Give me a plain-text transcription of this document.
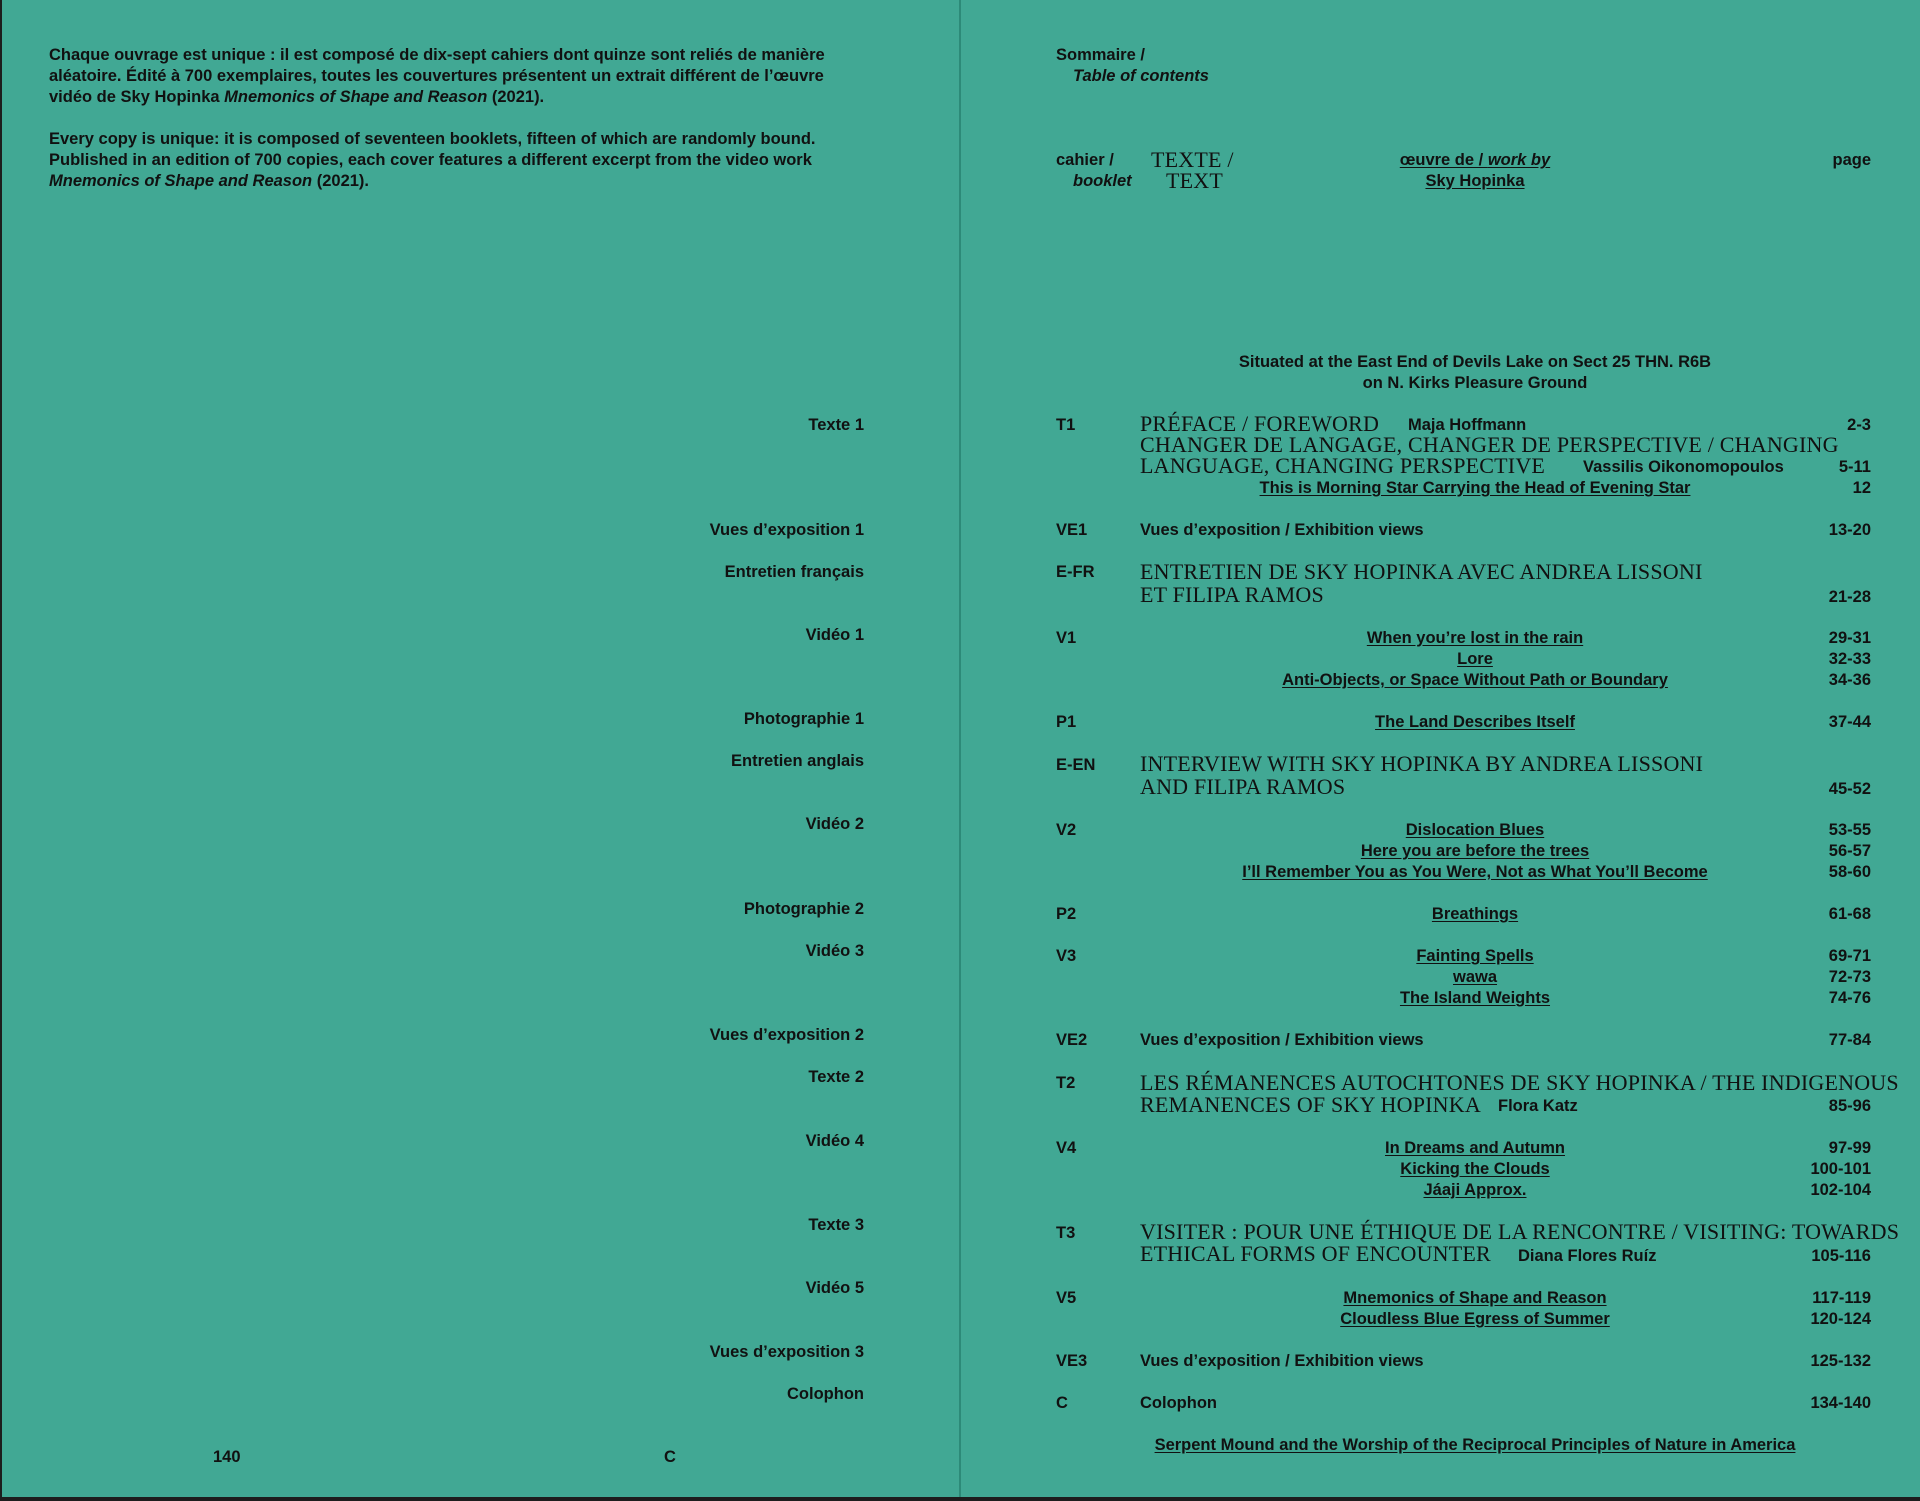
Chaque ouvrage est unique : il est composé de dix-sept cahiers dont quinze sont reliés de manière
aléatoire. Édité à 700 exemplaires, toutes les couvertures présentent un extrait différent de l’œuvre
vidéo de Sky Hopinka Mnemonics of Shape and Reason (2021).

Every copy is unique: it is composed of seventeen booklets, fifteen of which are randomly bound.
Published in an edition of 700 copies, each cover features a different excerpt from the video work
Mnemonics of Shape and Reason (2021).

Texte 1
Vues d’exposition 1
Entretien français
Vidéo 1
Photographie 1
Entretien anglais
Vidéo 2
Photographie 2
Vidéo 3
Vues d’exposition 2
Texte 2
Vidéo 4
Texte 3
Vidéo 5
Vues d’exposition 3
Colophon
140	C
Sommaire /
Table of contents
cahier /
booklet
TEXTE /
TEXT
œuvre de / work by
Sky Hopinka
page
Situated at the East End of Devils Lake on Sect 25 THN. R6B
on N. Kirks Pleasure Ground
T1	PRÉFACE / FOREWORD Maja Hoffmann	2-3
CHANGER DE LANGAGE, CHANGER DE PERSPECTIVE / CHANGING
LANGUAGE, CHANGING PERSPECTIVE Vassilis Oikonomopoulos	5-11
This is Morning Star Carrying the Head of Evening Star	12
VE1	Vues d’exposition / Exhibition views	13-20
E-FR ENTRETIEN DE SKY HOPINKA AVEC ANDREA LISSONI
ET FILIPA RAMOS	21-28
V1	When you’re lost in the rain	29-31
Lore	32-33
Anti-Objects, or Space Without Path or Boundary	34-36
P1	The Land Describes Itself	37-44
E-EN INTERVIEW WITH SKY HOPINKA BY ANDREA LISSONI
AND FILIPA RAMOS	45-52
V2	Dislocation Blues	53-55
Here you are before the trees	56-57
I’ll Remember You as You Were, Not as What You’ll Become	58-60
P2	Breathings	61-68
V3	Fainting Spells	69-71
wawa	72-73
The Island Weights	74-76
VE2	Vues d’exposition / Exhibition views	77-84
T2	LES RÉMANENCES AUTOCHTONES DE SKY HOPINKA / THE INDIGENOUS
REMANENCES OF SKY HOPINKA Flora Katz	85-96
V4	In Dreams and Autumn	97-99
Kicking the Clouds	100-101
Jáaji Approx.	102-104
T3	VISITER : POUR UNE ÉTHIQUE DE LA RENCONTRE / VISITING: TOWARDS
ETHICAL FORMS OF ENCOUNTER Diana Flores Ruíz	105-116
V5	Mnemonics of Shape and Reason	117-119
Cloudless Blue Egress of Summer	120-124
VE3	Vues d’exposition / Exhibition views	125-132
C	Colophon	134-140
Serpent Mound and the Worship of the Reciprocal Principles of Nature in America
